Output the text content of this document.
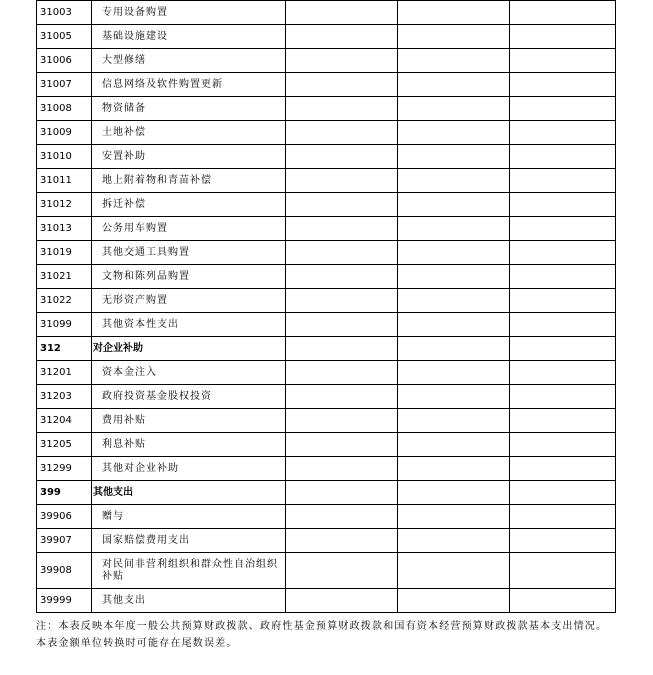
31003	专用设备购置			
31005	基础设施建设			
31006	大型修缮			
31007	信息网络及软件购置更新			
31008	物资储备			
31009	土地补偿			
31010	安置补助			
31011	地上附着物和青苗补偿			
31012	拆迁补偿			
31013	公务用车购置			
31019	其他交通工具购置			
31021	文物和陈列品购置			
31022	无形资产购置			
31099	其他资本性支出			
312	对企业补助			
31201	资本金注入			
31203	政府投资基金股权投资			
31204	费用补贴			
31205	利息补贴			
31299	其他对企业补助			
399	其他支出			
39906	赠与			
39907	国家赔偿费用支出			
39908	对民间非营利组织和群众性自治组织补贴			
39999	其他支出			

注：本表反映本年度一般公共预算财政拨款、政府性基金预算财政拨款和国有资本经营预算财政拨款基本支出情况。本表金额单位转换时可能存在尾数误差。
